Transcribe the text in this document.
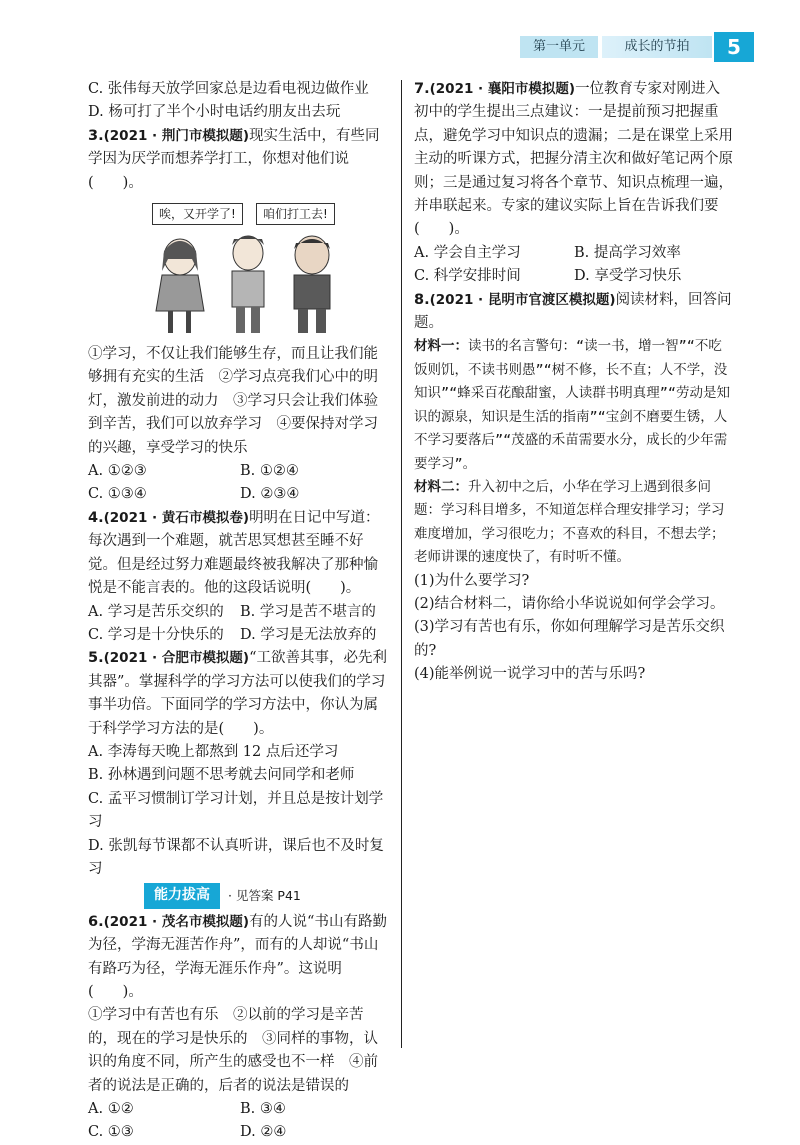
第一单元	成长的节拍	5

C. 张伟每天放学回家总是边看电视边做作业

D. 杨可打了半个小时电话约朋友出去玩

3.(2021 · 荆门市模拟题)现实生活中，有些同学因为厌学而想荞学打工，你想对他们说(　　)。

唉，又开学了!	咱们打工去!

①学习，不仅让我们能够生存，而且让我们能够拥有充实的生活　②学习点亮我们心中的明灯，激发前进的动力　③学习只会让我们体验到辛苦，我们可以放弃学习　④要保持对学习的兴趣，享受学习的快乐

A. ①②③	B. ①②④
C. ①③④	D. ②③④

4.(2021 · 黄石市模拟卷)明明在日记中写道：每次遇到一个难题，就苦思冥想甚至睡不好觉。但是经过努力难题最终被我解决了那种愉悦是不能言表的。他的这段话说明(　　)。

A. 学习是苦乐交织的	B. 学习是苦不堪言的
C. 学习是十分快乐的	D. 学习是无法放弃的

5.(2021 · 合肥市模拟题)“工欲善其事，必先利其器”。掌握科学的学习方法可以使我们的学习事半功倍。下面同学的学习方法中，你认为属于科学学习方法的是(　　)。

A. 李涛每天晚上都熬到 12 点后还学习

B. 孙林遇到问题不思考就去问同学和老师

C. 孟平习惯制订学习计划，并且总是按计划学习

D. 张凯每节课都不认真听讲，课后也不及时复习

能力拔高	· 见答案 P41

6.(2021 · 茂名市模拟题)有的人说“书山有路勤为径，学海无涯苦作舟”，而有的人却说“书山有路巧为径，学海无涯乐作舟”。这说明(　　)。

①学习中有苦也有乐　②以前的学习是辛苦的，现在的学习是快乐的　③同样的事物，认识的角度不同，所产生的感受也不一样　④前者的说法是正确的，后者的说法是错误的

A. ①②	B. ③④
C. ①③	D. ②④

7.(2021 · 襄阳市模拟题)一位教育专家对刚进入初中的学生提出三点建议：一是提前预习把握重点，避免学习中知识点的遗漏；二是在课堂上采用主动的听课方式，把握分清主次和做好笔记两个原则；三是通过复习将各个章节、知识点梳理一遍，并串联起来。专家的建议实际上旨在告诉我们要(　　)。

A. 学会自主学习	B. 提高学习效率
C. 科学安排时间	D. 享受学习快乐

8.(2021 · 昆明市官渡区模拟题)阅读材料，回答问题。

材料一：读书的名言警句：“读一书，增一智”“不吃饭则饥，不读书则愚”“树不修，长不直；人不学，没知识”“蜂采百花酿甜蜜，人读群书明真理”“劳动是知识的源泉，知识是生活的指南”“宝剑不磨要生锈，人不学习要落后”“茂盛的禾苗需要水分，成长的少年需要学习”。

材料二：升入初中之后，小华在学习上遇到很多问题：学习科目增多，不知道怎样合理安排学习；学习难度增加，学习很吃力；不喜欢的科目，不想去学；老师讲课的速度快了，有时听不懂。

(1)为什么要学习?

(2)结合材料二，请你给小华说说如何学会学习。

(3)学习有苦也有乐，你如何理解学习是苦乐交织的?

(4)能举例说一说学习中的苦与乐吗?
